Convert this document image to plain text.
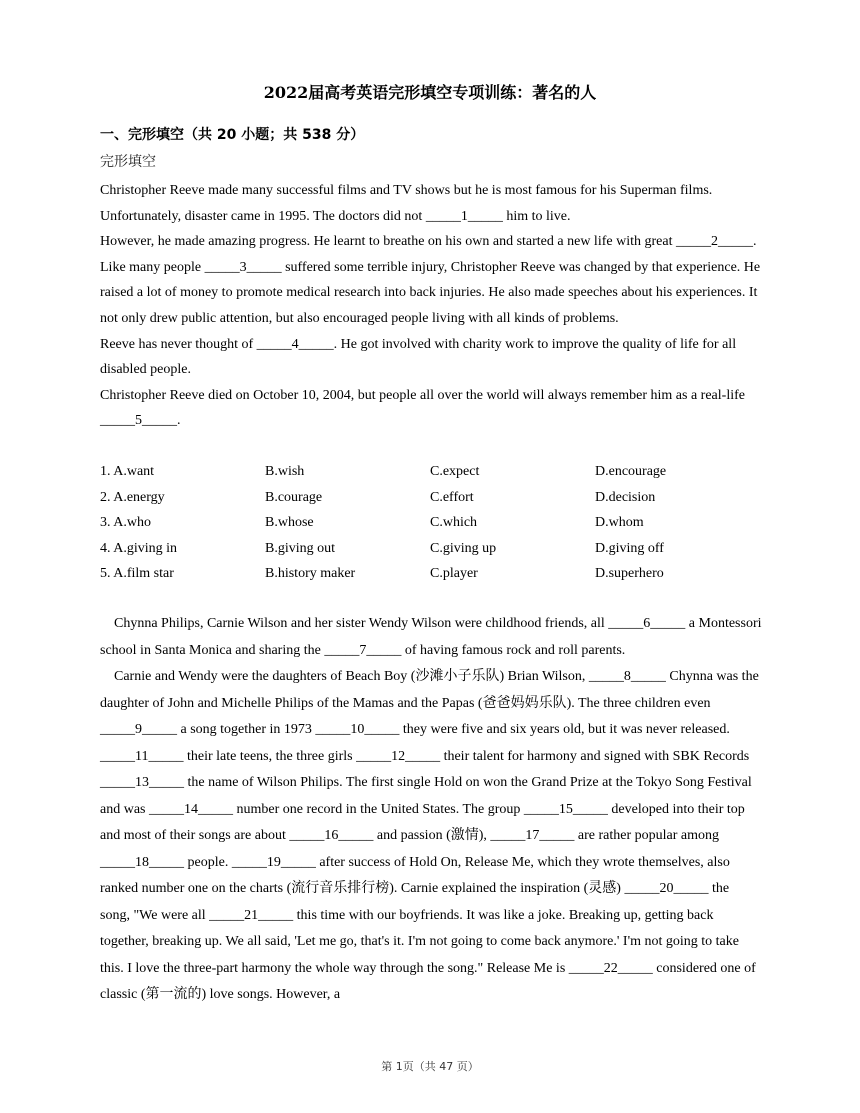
2022届高考英语完形填空专项训练：著名的人
一、完形填空（共 20 小题；共 538 分）
完形填空

Christopher Reeve made many successful films and TV shows but he is most famous for his Superman films.

Unfortunately, disaster came in 1995. The doctors did not _____1_____ him to live.

However, he made amazing progress. He learnt to breathe on his own and started a new life with great _____2_____. Like many people _____3_____ suffered some terrible injury, Christopher Reeve was changed by that experience. He raised a lot of money to promote medical research into back injuries. He also made speeches about his experiences. It not only drew public attention, but also encouraged people living with all kinds of problems.

Reeve has never thought of _____4_____. He got involved with charity work to improve the quality of life for all disabled people.

Christopher Reeve died on October 10, 2004, but people all over the world will always remember him as a real-life _____5_____.

1. A.want	B.wish	C.expect	D.encourage
2. A.energy	B.courage	C.effort	D.decision
3. A.who	B.whose	C.which	D.whom
4. A.giving in	B.giving out	C.giving up	D.giving off
5. A.film star	B.history maker	C.player	D.superhero

Chynna Philips, Carnie Wilson and her sister Wendy Wilson were childhood friends, all _____6_____ a Montessori school in Santa Monica and sharing the _____7_____ of having famous rock and roll parents.

Carnie and Wendy were the daughters of Beach Boy (沙滩小子乐队) Brian Wilson, _____8_____ Chynna was the daughter of John and Michelle Philips of the Mamas and the Papas (爸爸妈妈乐队). The three children even _____9_____ a song together in 1973 _____10_____ they were five and six years old, but it was never released. _____11_____ their late teens, the three girls _____12_____ their talent for harmony and signed with SBK Records _____13_____ the name of Wilson Philips. The first single Hold on won the Grand Prize at the Tokyo Song Festival and was _____14_____ number one record in the United States. The group _____15_____ developed into their top and most of their songs are about _____16_____ and passion (激情), _____17_____ are rather popular among _____18_____ people. _____19_____ after success of Hold On, Release Me, which they wrote themselves, also ranked number one on the charts (流行音乐排行榜). Carnie explained the inspiration (灵感) _____20_____ the song, "We were all _____21_____ this time with our boyfriends. It was like a joke. Breaking up, getting back together, breaking up. We all said, 'Let me go, that's it. I'm not going to come back anymore.' I'm not going to take this. I love the three-part harmony the whole way through the song." Release Me is _____22_____ considered one of classic (第一流的) love songs. However, a

第 1页（共 47 页）
